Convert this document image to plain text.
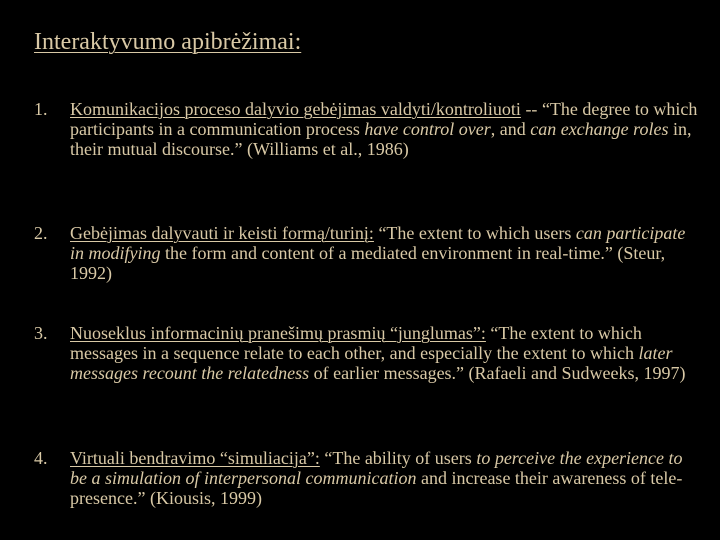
Interaktyvumo apibrėžimai:
1. Komunikacijos proceso dalyvio gebėjimas valdyti/kontroliuoti -- “The degree to which participants in a communication process have control over, and can exchange roles in, their mutual discourse.” (Williams et al., 1986)
2. Gebėjimas dalyvauti ir keisti formą/turinį: “The extent to which users can participate in modifying the form and content of a mediated environment in real-time.” (Steur, 1992)
3. Nuoseklus informacinių pranešimų prasmių “junglumas”: “The extent to which messages in a sequence relate to each other, and especially the extent to which later messages recount the relatedness of earlier messages.” (Rafaeli and Sudweeks, 1997)
4. Virtuali bendravimo “simuliacija”: “The ability of users to perceive the experience to be a simulation of interpersonal communication and increase their awareness of tele-presence.” (Kiousis, 1999)
